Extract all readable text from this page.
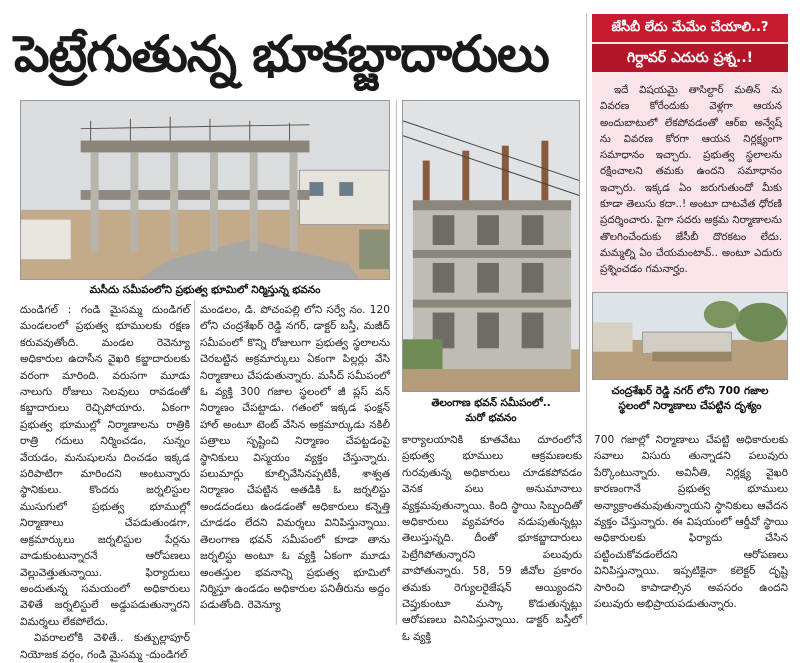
పెట్రేగుతున్న భూకబ్జాదారులు	జేసీబీ లేదు మేమేం చేయాలి..?
గిర్దావర్ ఎదురు ప్రశ్న..!

ఇదే విషయమై తాసిల్దార్ మతిన్ ను వివరణ కోరేందుకు వెళ్లగా ఆయన అందుబాటులో లేకపోవడంతో ఆర్ఐ అన్వేష్ ను వివరణ కోరగా ఆయన నిర్లక్ష్యంగా సమాధానం ఇచ్చారు. ప్రభుత్వ స్థలాలను రక్షించాలని తమకు ఉందని సమాధానం ఇచ్చారు. ఇక్కడ ఏం జరుగుతుందో మీకు కూడా తెలుసు కదా..! అంటూ దాటవేత ధోరణి ప్రదర్శించారు. పైగా సదరు అక్రమ నిర్మాణాలను తొలగించేందుకు జేసీబీ దొరకటం లేదు. మమ్మల్ని ఏం చేయమంటావ్.. అంటూ ఎదురు ప్రశ్నించడం గమనార్హం.

మసీదు సమీపంలోని ప్రభుత్వ భూమిలో నిర్మిస్తున్న భవనం
తెలంగాణ భవన్ సమీపంలో..
మరో భవనం
చంద్రశేఖర్ రెడ్డి నగర్ లోని 700 గజాల
స్థలంలో నిర్మాణాలు చేపట్టిన దృశ్యం

దుండిగల్ : గండి మైసమ్మ దుండిగల్ మండలంలో ప్రభుత్వ భూములకు రక్షణ కరువవుతోంది. మండల రెవెన్యూ అధికారుల ఉదాసీన వైఖరి కబ్జాదారులకు వరంగా మారింది. వరుసగా మూడు నాలుగు రోజులు సెలవులు రావడంతో కబ్జాదారులు రెచ్చిపోయారు. ఏకంగా ప్రభుత్వ భూముల్లో నిర్మాణాలను రాత్రికి రాత్రి గదులు నిర్మించడం, సున్నం వేయడం, మనుషులను దించడం ఇక్కడ పరిపాటిగా మారిందని అంటున్నారు స్థానికులు. కొందరు జర్నలిస్టుల ముసుగులో ప్రభుత్వ భూముల్లో నిర్మాణాలు చేపడుతుండగా, అక్రమార్కులు జర్నలిస్టుల పేర్లను వాడుకుంటున్నారనే ఆరోపణలు వెల్లువెత్తుతున్నాయి. ఫిర్యాదులు అందుతున్న సమయంలో అధికారులు వెళితే జర్నలిస్టులే అడ్డుపడుతున్నారని విమర్శలు లేకపోలేదు.

వివరాలలోకి వెళితే.. కుత్బుల్లాపూర్ నియోజక వర్గం, గండి మైసమ్మ -దుండిగల్

మండలం, డి. పోచంపల్లి లోని సర్వే నం. 120 లోని చంద్రశేఖర్ రెడ్డి నగర్, డాక్టర్ బస్తీ, మజీద్ సమీపంలో కొన్ని రోజులుగా ప్రభుత్వ స్థలాలను చెరబట్టిన అక్రమార్కులు ఏకంగా పిల్లర్లు వేసి నిర్మాణాలు చేపడుతున్నారు. మసీద్ సమీపంలో ఓ వ్యక్తి 300 గజాల స్థలంలో జీ ప్లస్ వన్ నిర్మాణం చేపట్టాడు. గతంలో ఇక్కడ ఫంక్షన్ హాల్ అంటూ టెంట్ వేసిన అక్రమార్కుడు నకిలీ పత్రాలు సృష్టించి నిర్మాణం చేపట్టడంపై స్థానికులు విస్మయం వ్యక్తం చేస్తున్నారు. పలుమార్లు కూల్చివేసినప్పటికీ, శాశ్వత నిర్మాణం చేపట్టిన అతడికి ఓ జర్నలిస్టు అండదండలు ఉండడంతో అధికారులు కన్నెత్తి చూడడం లేదని విమర్శలు వినిపిస్తున్నాయి. తెలంగాణ భవన్ సమీపంలో కూడా తాను జర్నలిస్టు అంటూ ఓ వ్యక్తి ఏకంగా మూడు అంతస్తుల భవనాన్ని ప్రభుత్వ భూమిలో నిర్మిస్తూ ఉండడం అధికారుల పనితీరును అద్దం పడుతోంది. రెవెన్యూ

కార్యాలయానికి కూతవేటు దూరంలోనే ప్రభుత్వ భూములు ఆక్రమణలకు గురవుతున్న అధికారులు చూడకపోవడం వెనక పలు అనుమానాలు వ్యక్తమవుతున్నాయి. కింది స్థాయి సిబ్బందితో అధికారులు వ్యవహారం నడుపుతున్నట్లు తెలుస్తున్నది. దీంతో భూకబ్జాదారులు పెట్రేగిపోతున్నారని పలువురు వాపోతున్నారు. 58, 59 జీవోల ప్రకారం తమకు రెగ్యులరైజేషన్ అయ్యిందని చెప్తుకుంటూ మస్కా కొడుతున్నట్లు ఆరోపణలు వినిపిస్తున్నాయి. డాక్టర్ బస్తీలో ఓ వ్యక్తి

700 గజాల్లో నిర్మాణాలు చేపట్టి అధికారులకు సవాలు విసురు తున్నాడని పలువురు పేర్కొంటున్నారు. అవినీతి, నిర్లక్ష్య వైఖరి కారణంగానే ప్రభుత్వ భూములు అన్యాక్రాంతమవుతున్నాయని స్థానికులు ఆవేదన వ్యక్తం చేస్తున్నారు. ఈ విషయంలో ఆర్డీవో స్థాయి అధికారులకు ఫిర్యాదు చేసిన పట్టించుకోవడంలేదని ఆరోపణలు వినిపిస్తున్నాయి. ఇప్పటికైనా కలెక్టర్ దృష్టి సారించి కాపాడాల్సిన అవసరం ఉందని పలువురు అభిప్రాయపడుతున్నారు.
